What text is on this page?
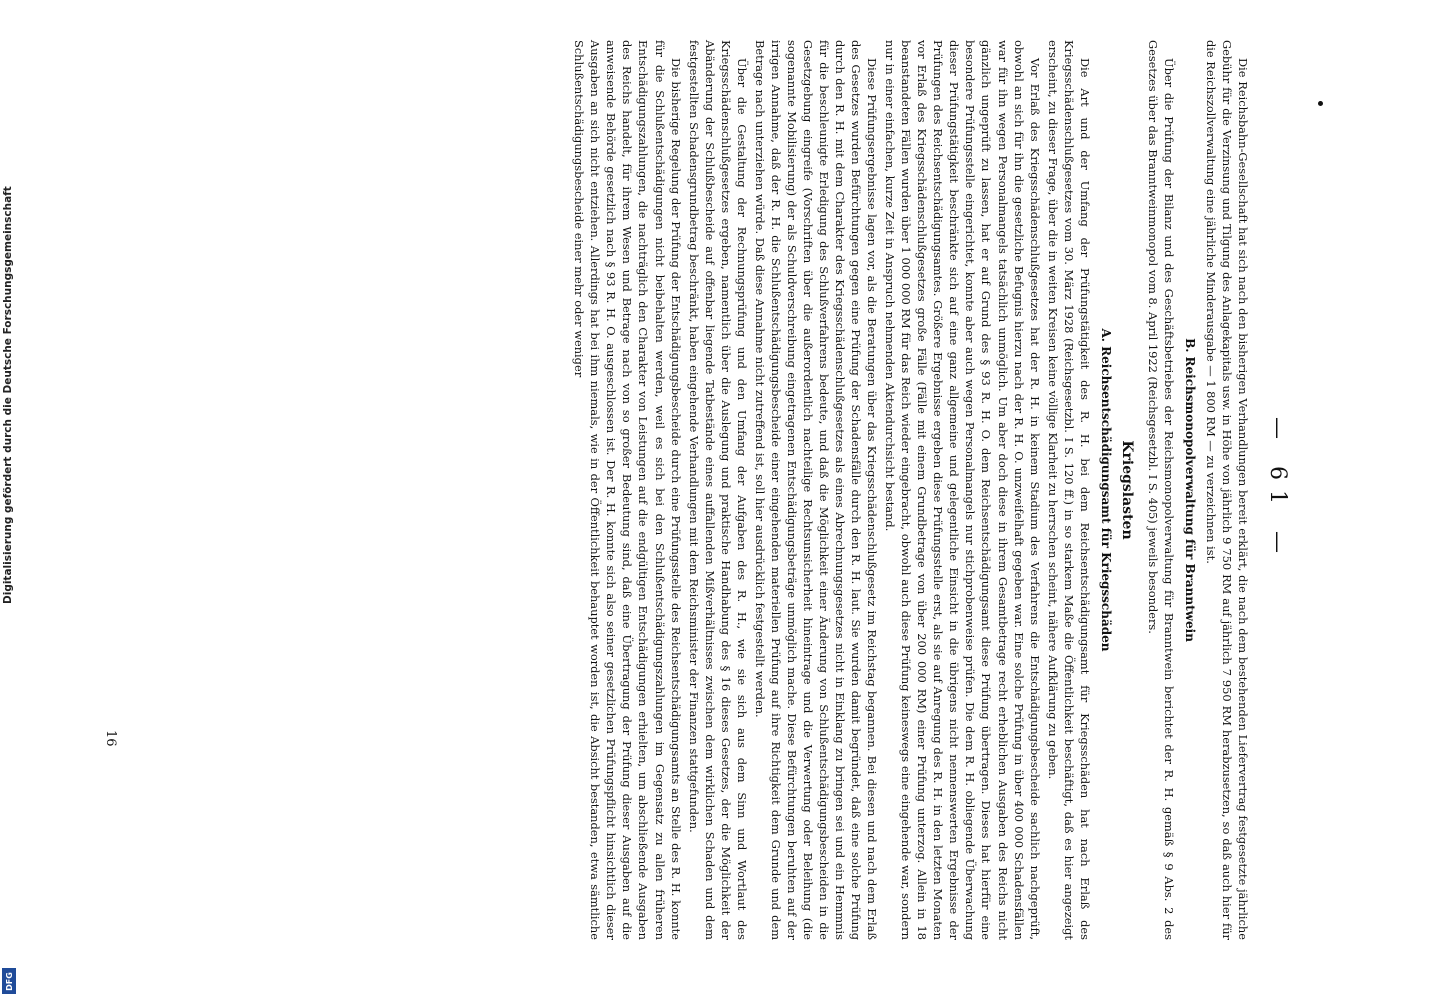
— 61 —

Die Reichsbahn-Gesellschaft hat sich nach den bisherigen Verhandlungen bereit erklärt, die nach dem bestehenden Liefervertrag festgesetzte jährliche Gebühr für die Verzinsung und Tilgung des Anlagekapitals usw. in Höhe von jährlich 9 750 RM auf jährlich 7 950 RM herabzusetzen, so daß auch hier für die Reichszollverwaltung eine jährliche Minderausgabe — 1 800 RM — zu verzeichnen ist.

B. Reichsmonopolverwaltung für Branntwein

Über die Prüfung der Bilanz und des Geschäftsbetriebes der Reichsmonopolverwaltung für Branntwein berichtet der R. H. gemäß § 9 Abs. 2 des Gesetzes über das Branntweinmonopol vom 8. April 1922 (Reichsgesetzbl. I S. 405) jeweils besonders.

Kriegslasten
A. Reichsentschädigungsamt für Kriegsschäden

Die Art und der Umfang der Prüfungstätigkeit des R. H. bei dem Reichsentschädigungsamt für Kriegsschäden hat nach Erlaß des Kriegsschädenschlußgesetzes vom 30. März 1928 (Reichsgesetzbl. I S. 120 ff.) in so starkem Maße die Öffentlichkeit beschäftigt, daß es hier angezeigt erscheint, zu dieser Frage, über die in weiten Kreisen keine völlige Klarheit zu herrschen scheint, nähere Aufklärung zu geben.

Vor Erlaß des Kriegsschädenschlußgesetzes hat der R. H. in keinem Stadium des Verfahrens die Entschädigungsbescheide sachlich nachgeprüft, obwohl an sich für ihn die gesetzliche Befugnis hierzu nach der R. H. O. unzweifelhaft gegeben war. Eine solche Prüfung in über 400 000 Schadensfällen war für ihn wegen Personalmangels tatsächlich unmöglich. Um aber doch diese in ihrem Gesamtbetrage recht erheblichen Ausgaben des Reichs nicht gänzlich ungeprüft zu lassen, hat er auf Grund des § 93 R. H. O. dem Reichsentschädigungsamt diese Prüfung übertragen. Dieses hat hierfür eine besondere Prüfungsstelle eingerichtet, konnte aber auch wegen Personalmangels nur stichprobenweise prüfen. Die dem R. H. obliegende Überwachung dieser Prüfungstätigkeit beschränkte sich auf eine ganz allgemeine und gelegentliche Einsicht in die übrigens nicht nennenswerten Ergebnisse der Prüfungen des Reichsentschädigungsamtes. Größere Ergebnisse ergeben diese Prüfungsstelle erst, als sie auf Anregung des R. H. in den letzten Monaten vor Erlaß des Kriegsschädenschlußgesetzes große Fälle (Fälle mit einem Grundbetrage von über 200 000 RM) einer Prüfung unterzog. Allein in 18 beanstandeten Fällen wurden über 1 000 000 RM für das Reich wieder eingebracht, obwohl auch diese Prüfung keineswegs eine eingehende war, sondern nur in einer einfachen, kurze Zeit in Anspruch nehmenden Aktendurchsicht bestand.

Diese Prüfungsergebnisse lagen vor, als die Beratungen über das Kriegsschädenschlußgesetz im Reichstag begannen. Bei diesen und nach dem Erlaß des Gesetzes wurden Befürchtungen gegen eine Prüfung der Schadensfälle durch den R. H. laut. Sie wurden damit begründet, daß eine solche Prüfung durch den R. H. mit dem Charakter des Kriegsschädenschlußgesetzes als eines Abrechnungsgesetzes nicht in Einklang zu bringen sei und ein Hemmnis für die beschleunigte Erledigung des Schlußverfahrens bedeute, und daß die Möglichkeit einer Änderung von Schlußentschädigungsbescheiden in die Gesetzgebung eingreife (Vorschriften über die außerordentlich nachteilige Rechtsunsicherheit hineintrage und die Verwertung oder Beleihung (die sogenannte Mobilisierung) der als Schuldverschreibung eingetragenen Entschädigungsbeträge unmöglich mache. Diese Befürchtungen beruhten auf der irrigen Annahme, daß der R. H. die Schlußentschädigungsbescheide einer eingehenden materiellen Prüfung auf ihre Richtigkeit dem Grunde und dem Betrage nach unterziehen würde. Daß diese Annahme nicht zutreffend ist, soll hier ausdrücklich festgestellt werden.

Über die Gestaltung der Rechnungsprüfung und den Umfang der Aufgaben des R. H., wie sie sich aus dem Sinn und Wortlaut des Kriegsschädenschlußgesetzes ergeben, namentlich über die Auslegung und praktische Handhabung des § 16 dieses Gesetzes, der die Möglichkeit der Abänderung der Schlußbescheide auf offenbar liegende Tatbestände eines auffallenden Mißverhältnisses zwischen dem wirklichen Schaden und dem festgestellten Schadensgrundbetrag beschränkt, haben eingehende Verhandlungen mit dem Reichsminister der Finanzen stattgefunden.

Die bisherige Regelung der Prüfung der Entschädigungsbescheide durch eine Prüfungsstelle des Reichsentschädigungsamts an Stelle des R. H. konnte für die Schlußentschädigungen nicht beibehalten werden, weil es sich bei den Schlußentschädigungszahlungen im Gegensatz zu allen früheren Entschädigungszahlungen, die nachträglich den Charakter von Leistungen auf die endgültigen Entschädigungen erhielten, um abschließende Ausgaben des Reichs handelt, für ihrem Wesen und Betrage nach von so großer Bedeutung sind, daß eine Übertragung der Prüfung dieser Ausgaben auf die anweisende Behörde gesetzlich nach § 93 R. H. O. ausgeschlossen ist. Der R. H. konnte sich also seiner gesetzlichen Prüfungspflicht hinsichtlich dieser Ausgaben an sich nicht entziehen. Allerdings hat bei ihm niemals, wie in der Öffentlichkeit behauptet worden ist, die Absicht bestanden, etwa sämtliche Schlußentschädigungsbescheide einer mehr oder weniger

16
Digitalisierung gefördert durch die Deutsche Forschungsgemeinschaft
DFG
